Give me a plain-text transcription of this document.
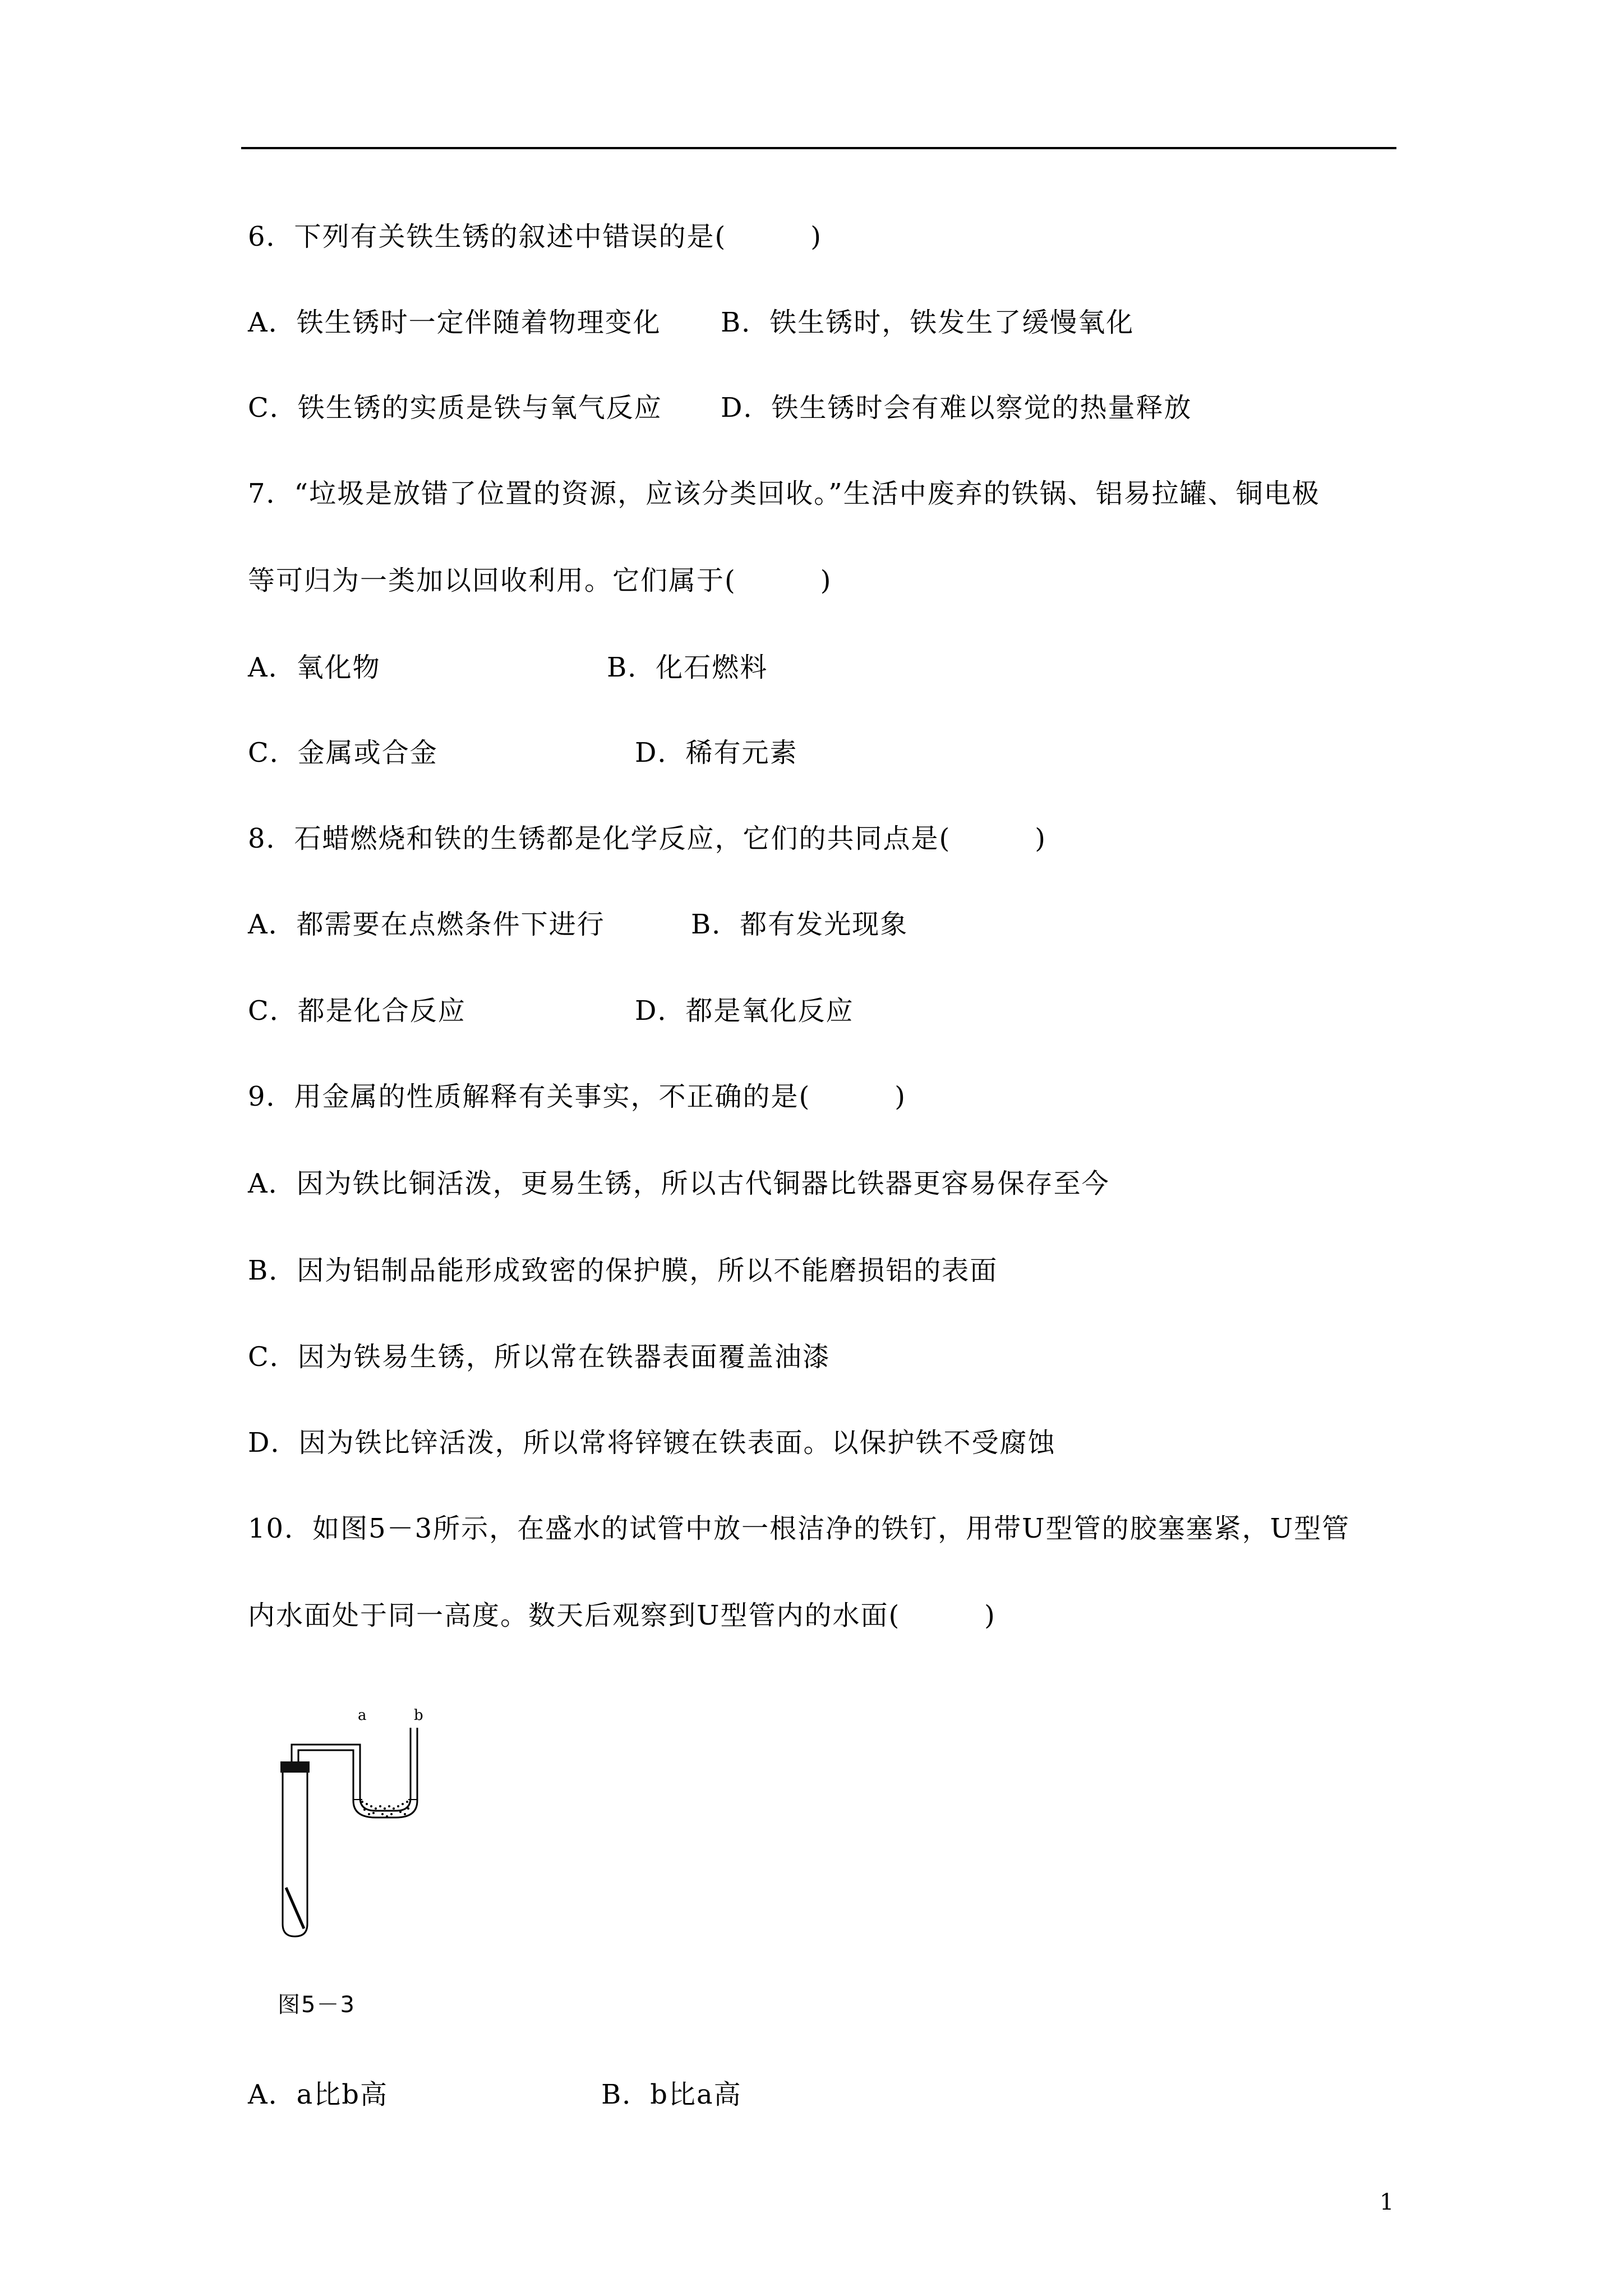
6．下列有关铁生锈的叙述中错误的是(　　　)
A．铁生锈时一定伴随着物理变化 B．铁生锈时，铁发生了缓慢氧化
C．铁生锈的实质是铁与氧气反应 D．铁生锈时会有难以察觉的热量释放
7．“垃圾是放错了位置的资源，应该分类回收。”生活中废弃的铁锅、铝易拉罐、铜电极
等可归为一类加以回收利用。它们属于(　　　)
A．氧化物	B．化石燃料
C．金属或合金	D．稀有元素
8．石蜡燃烧和铁的生锈都是化学反应，它们的共同点是(　　　)
A．都需要在点燃条件下进行	B．都有发光现象
C．都是化合反应	D．都是氧化反应
9．用金属的性质解释有关事实，不正确的是(　　　)
A．因为铁比铜活泼，更易生锈，所以古代铜器比铁器更容易保存至今
B．因为铝制品能形成致密的保护膜，所以不能磨损铝的表面
C．因为铁易生锈，所以常在铁器表面覆盖油漆
D．因为铁比锌活泼，所以常将锌镀在铁表面。以保护铁不受腐蚀
10．如图5－3所示，在盛水的试管中放一根洁净的铁钉，用带U型管的胶塞塞紧，U型管
内水面处于同一高度。数天后观察到U型管内的水面(　　　)
a	b
图5－3
A．a比b高	B．b比a高
1
